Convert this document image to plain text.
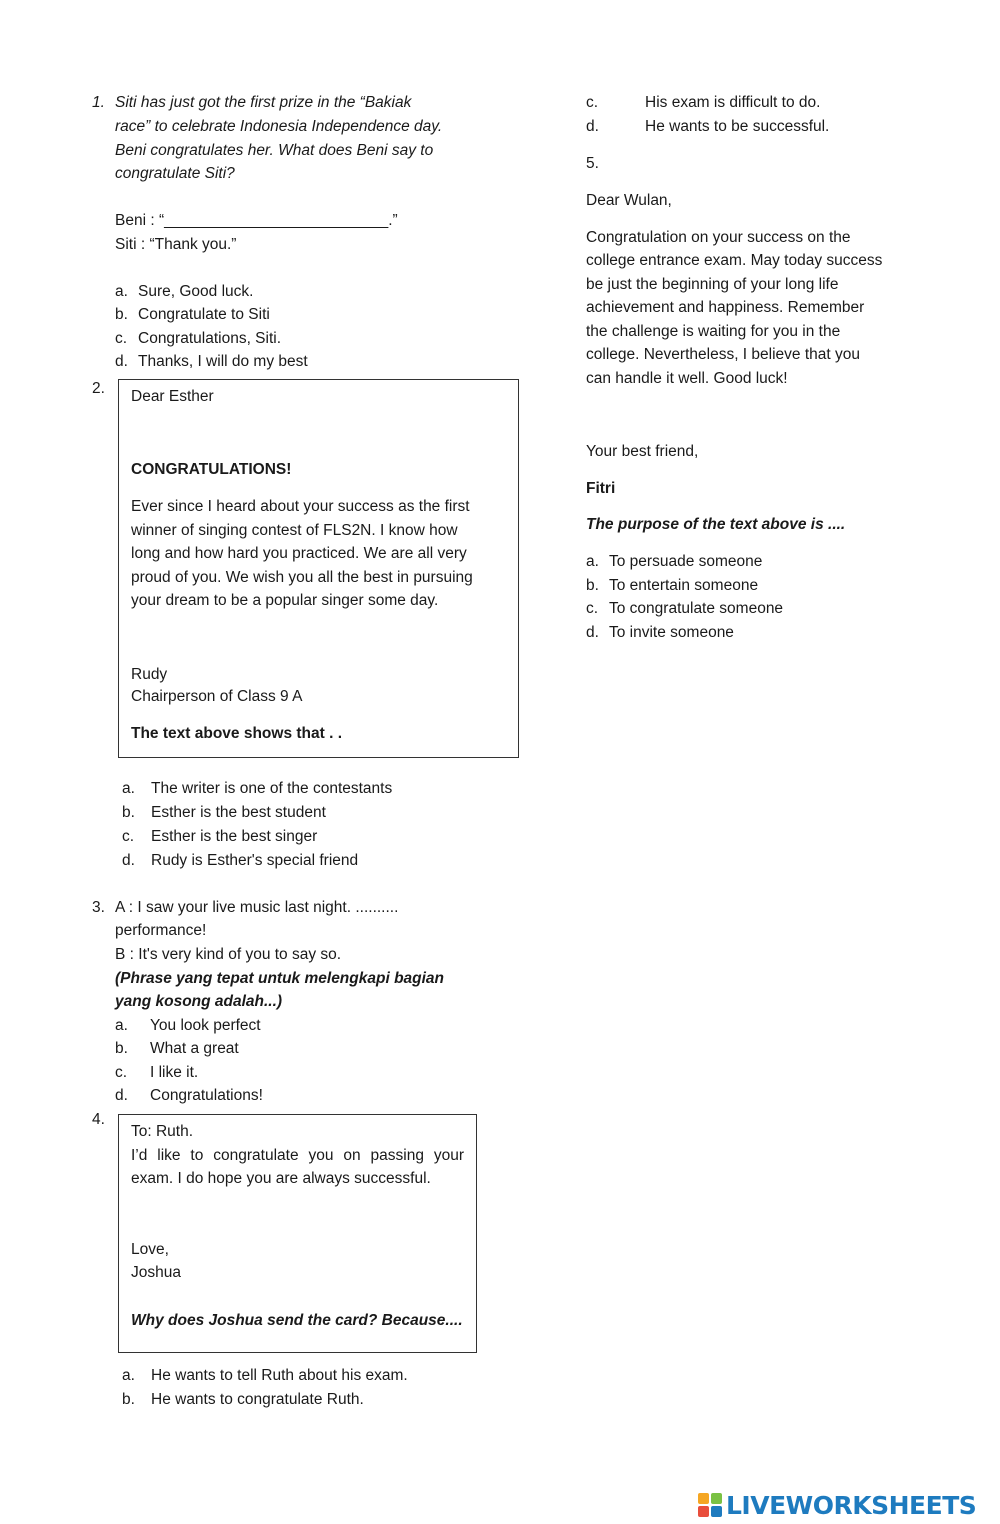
1. Siti has just got the first prize in the “Bakiak
race” to celebrate Indonesia Independence day.
Beni congratulates her. What does Beni say to
congratulate Siti?
Beni : “__________________________.”
Siti : “Thank you.”
a. Sure, Good luck.
b. Congratulate to Siti
c. Congratulations, Siti.
d. Thanks, I will do my best
2. Dear Esther
CONGRATULATIONS!
Ever since I heard about your success as the first
winner of singing contest of FLS2N. I know how
long and how hard you practiced. We are all very
proud of you. We wish you all the best in pursuing
your dream to be a popular singer some day.
Rudy
Chairperson of Class 9 A
The text above shows that . .
a. The writer is one of the contestants
b. Esther is the best student
c. Esther is the best singer
d. Rudy is Esther's special friend
3. A : I saw your live music last night. ..........
performance!
B : It's very kind of you to say so.
(Phrase yang tepat untuk melengkapi bagian
yang kosong adalah...)
a. You look perfect
b. What a great
c. I like it.
d. Congratulations!
4.
To: Ruth.
I’d like to congratulate you on passing your
exam. I do hope you are always successful.
Love,
Joshua
Why does Joshua send the card? Because....
a. He wants to tell Ruth about his exam.
b. He wants to congratulate Ruth.
c.	His exam is difficult to do.
d.	He wants to be successful.
5.
Dear Wulan,
Congratulation on your success on the
college entrance exam. May today success
be just the beginning of your long life
achievement and happiness. Remember
the challenge is waiting for you in the
college. Nevertheless, I believe that you
can handle it well. Good luck!
Your best friend,
Fitri
The purpose of the text above is ....
a. To persuade someone
b. To entertain someone
c. To congratulate someone
d. To invite someone
LIVEWORKSHEETS
